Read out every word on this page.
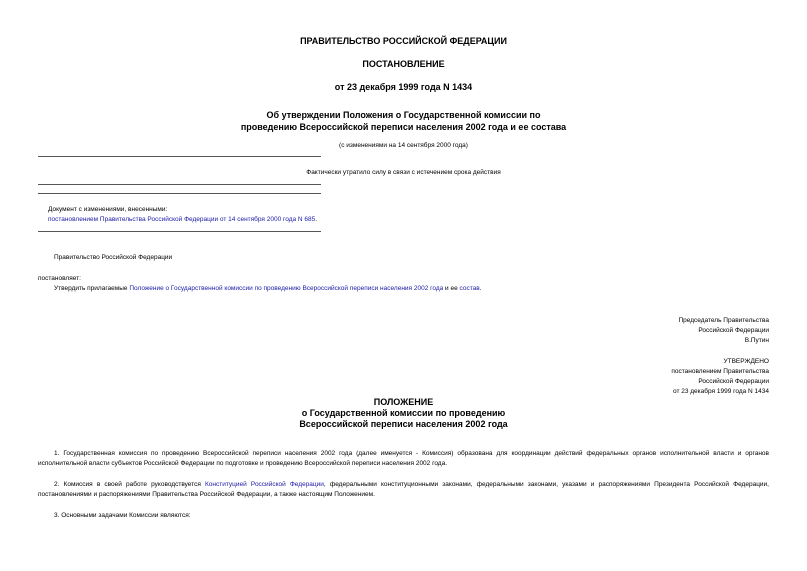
ПРАВИТЕЛЬСТВО РОССИЙСКОЙ ФЕДЕРАЦИИ
ПОСТАНОВЛЕНИЕ
от 23 декабря 1999 года N 1434
Об утверждении Положения о Государственной комиссии по
проведению Всероссийской переписи населения 2002 года и ее состава
(с изменениями на 14 сентября 2000 года)
Фактически утратило силу в связи с истечением срока действия
Документ с изменениями, внесенными:
постановлением Правительства Российской Федерации от 14 сентября 2000 года N 685.
Правительство Российской Федерации
постановляет:
Утвердить прилагаемые Положение о Государственной комиссии по проведению Всероссийской переписи населения 2002 года и ее состав.
Председатель Правительства
Российской Федерации
В.Путин
УТВЕРЖДЕНО
постановлением Правительства
Российской Федерации
от 23 декабря 1999 года N 1434
ПОЛОЖЕНИЕ
о Государственной комиссии по проведению
Всероссийской переписи населения 2002 года
1. Государственная комиссия по проведению Всероссийской переписи населения 2002 года (далее именуется - Комиссия) образована для координации действий федеральных органов исполнительной власти и органов исполнительной власти субъектов Российской Федерации по подготовке и проведению Всероссийской переписи населения 2002 года.
2. Комиссия в своей работе руководствуется Конституцией Российской Федерации, федеральными конституционными законами, федеральными законами, указами и распоряжениями Президента Российской Федерации, постановлениями и распоряжениями Правительства Российской Федерации, а также настоящим Положением.
3. Основными задачами Комиссии являются:
